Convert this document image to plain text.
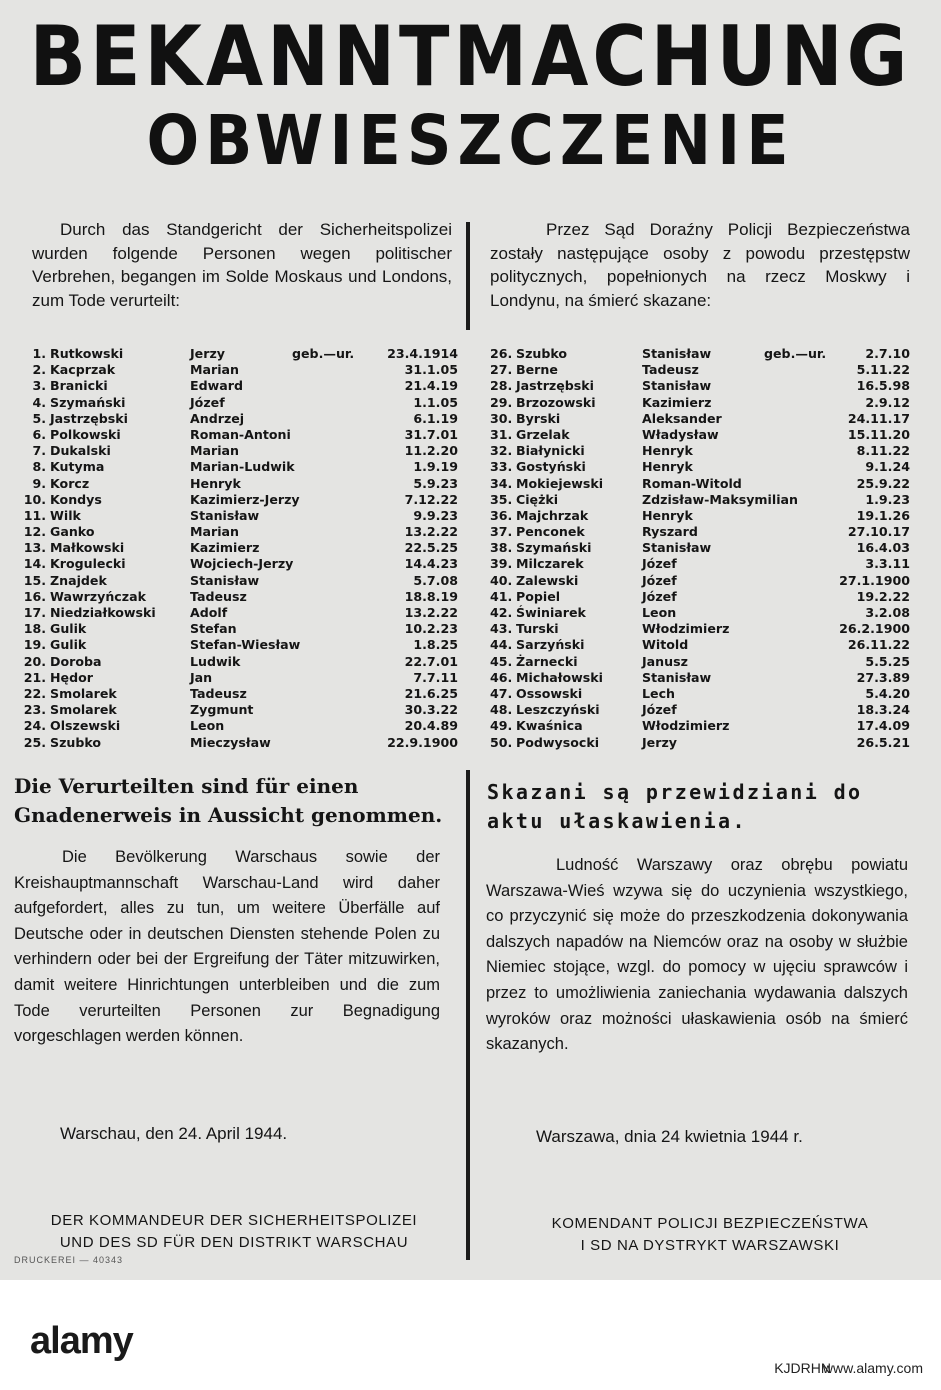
BEKANNTMACHUNG
OBWIESZCZENIE
Durch das Standgericht der Sicherheitspolizei wurden folgende Personen wegen politischer Verbrehen, begangen im Solde Moskaus und Londons, zum Tode verurteilt:
Przez Sąd Doraźny Policji Bezpieczeństwa zostały następujące osoby z powodu przestępstw politycznych, popełnionych na rzecz Moskwy i Londynu, na śmierć skazane:
geb.—ur.	geb.—ur.
1. Rutkowski	Jerzy	23.4.1914
2. Kacprzak	Marian	31.1.05
3. Branicki	Edward	21.4.19
4. Szymański	Józef	1.1.05
5. Jastrzębski	Andrzej	6.1.19
6. Polkowski	Roman-Antoni	31.7.01
7. Dukalski	Marian	11.2.20
8. Kutyma	Marian-Ludwik	1.9.19
9. Korcz	Henryk	5.9.23
10. Kondys	Kazimierz-Jerzy	7.12.22
11. Wilk	Stanisław	9.9.23
12. Ganko	Marian	13.2.22
13. Małkowski	Kazimierz	22.5.25
14. Krogulecki	Wojciech-Jerzy	14.4.23
15. Znajdek	Stanisław	5.7.08
16. Wawrzyńczak	Tadeusz	18.8.19
17. Niedziałkowski	Adolf	13.2.22
18. Gulik	Stefan	10.2.23
19. Gulik	Stefan-Wiesław	1.8.25
20. Doroba	Ludwik	22.7.01
21. Hędor	Jan	7.7.11
22. Smolarek	Tadeusz	21.6.25
23. Smolarek	Zygmunt	30.3.22
24. Olszewski	Leon	20.4.89
25. Szubko	Mieczysław	22.9.1900
26. Szubko	Stanisław	2.7.10
27. Berne	Tadeusz	5.11.22
28. Jastrzębski	Stanisław	16.5.98
29. Brzozowski	Kazimierz	2.9.12
30. Byrski	Aleksander	24.11.17
31. Grzelak	Władysław	15.11.20
32. Białynicki	Henryk	8.11.22
33. Gostyński	Henryk	9.1.24
34. Mokiejewski	Roman-Witold	25.9.22
35. Ciężki	Zdzisław-Maksymilian	1.9.23
36. Majchrzak	Henryk	19.1.26
37. Penconek	Ryszard	27.10.17
38. Szymański	Stanisław	16.4.03
39. Milczarek	Józef	3.3.11
40. Zalewski	Józef	27.1.1900
41. Popiel	Józef	19.2.22
42. Świniarek	Leon	3.2.08
43. Turski	Włodzimierz	26.2.1900
44. Sarzyński	Witold	26.11.22
45. Żarnecki	Janusz	5.5.25
46. Michałowski	Stanisław	27.3.89
47. Ossowski	Lech	5.4.20
48. Leszczyński	Józef	18.3.24
49. Kwaśnica	Włodzimierz	17.4.09
50. Podwysocki	Jerzy	26.5.21
Die Verurteilten sind für einen Gnadenerweis in Aussicht genommen.
Skazani są przewidziani do aktu ułaskawienia.
Die Bevölkerung Warschaus sowie der Kreishauptmannschaft Warschau-Land wird daher aufgefordert, alles zu tun, um weitere Überfälle auf Deutsche oder in deutschen Diensten stehende Polen zu verhindern oder bei der Ergreifung der Täter mitzuwirken, damit weitere Hinrichtungen unterbleiben und die zum Tode verurteilten Personen zur Begnadigung vorgeschlagen werden können.
Ludność Warszawy oraz obrębu powiatu Warszawa-Wieś wzywa się do uczynienia wszystkiego, co przyczynić się może do przeszkodzenia dokonywania dalszych napadów na Niemców oraz na osoby w służbie Niemiec stojące, wzgl. do pomocy w ujęciu sprawców i przez to umożliwienia zaniechania wydawania dalszych wyroków oraz możności ułaskawienia osób na śmierć skazanych.
Warschau, den 24. April 1944.	Warszawa, dnia 24 kwietnia 1944 r.
DER KOMMANDEUR DER SICHERHEITSPOLIZEI
UND DES SD FÜR DEN DISTRIKT WARSCHAU
KOMENDANT POLICJI BEZPIECZEŃSTWA
I SD NA DYSTRYKT WARSZAWSKI
DRUCKEREI — 40343
alamy
KJDRHN
www.alamy.com
